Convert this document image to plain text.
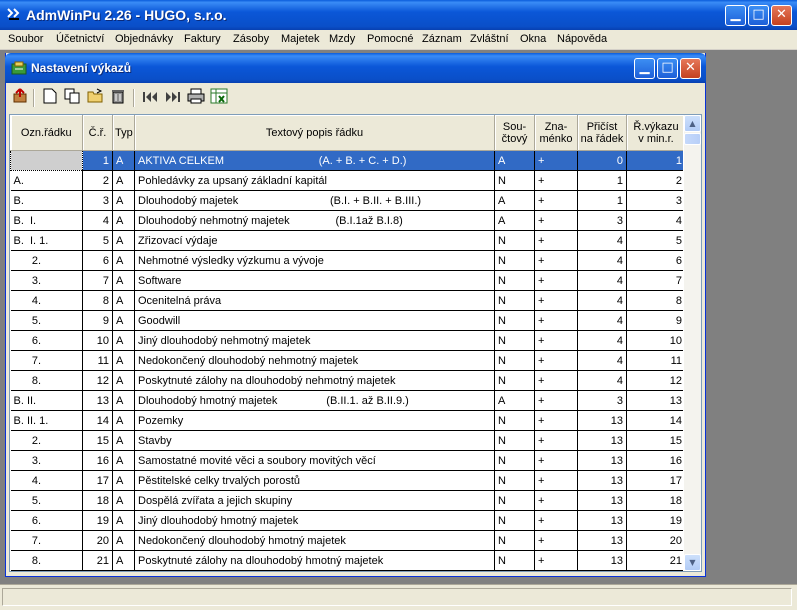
AdmWinPu 2.26 - HUGO, s.r.o.	▁ □ ✕
Soubor Účetnictví Objednávky Faktury Zásoby Majetek Mzdy Pomocné Záznam Zvláštní Okna Nápověda
Nastavení výkazů	▁ □ ✕
Ozn.řádku	Č.ř.	Typ	Textový popis řádku	Sou-
čtový	Zna-
ménko	Přičíst
na řádek	Ř.výkazu
v min.r.
	1	A	AKTIVA CELKEM                               (A. + B. + C. + D.)	A	+	0	1
A.	2	A	Pohledávky za upsaný základní kapitál	N	+	1	2
B.	3	A	Dlouhodobý majetek                              (B.I. + B.II. + B.III.)	A	+	1	3
B.  I.	4	A	Dlouhodobý nehmotný majetek               (B.I.1až B.I.8)	A	+	3	4
B.  I. 1.	5	A	Zřizovací výdaje	N	+	4	5
2.	6	A	Nehmotné výsledky výzkumu a vývoje	N	+	4	6
3.	7	A	Software	N	+	4	7
4.	8	A	Ocenitelná práva	N	+	4	8
5.	9	A	Goodwill	N	+	4	9
6.	10	A	Jiný dlouhodobý nehmotný majetek	N	+	4	10
7.	11	A	Nedokončený dlouhodobý nehmotný majetek	N	+	4	11
8.	12	A	Poskytnuté zálohy na dlouhodobý nehmotný majetek	N	+	4	12
B. II.	13	A	Dlouhodobý hmotný majetek                (B.II.1. až B.II.9.)	A	+	3	13
B. II. 1.	14	A	Pozemky	N	+	13	14
2.	15	A	Stavby	N	+	13	15
3.	16	A	Samostatné movité věci a soubory movitých věcí	N	+	13	16
4.	17	A	Pěstitelské celky trvalých porostů	N	+	13	17
5.	18	A	Dospělá zvířata a jejich skupiny	N	+	13	18
6.	19	A	Jiný dlouhodobý hmotný majetek	N	+	13	19
7.	20	A	Nedokončený dlouhodobý hmotný majetek	N	+	13	20
8.	21	A	Poskytnuté zálohy na dlouhodobý hmotný majetek	N	+	13	21
▲
▼
